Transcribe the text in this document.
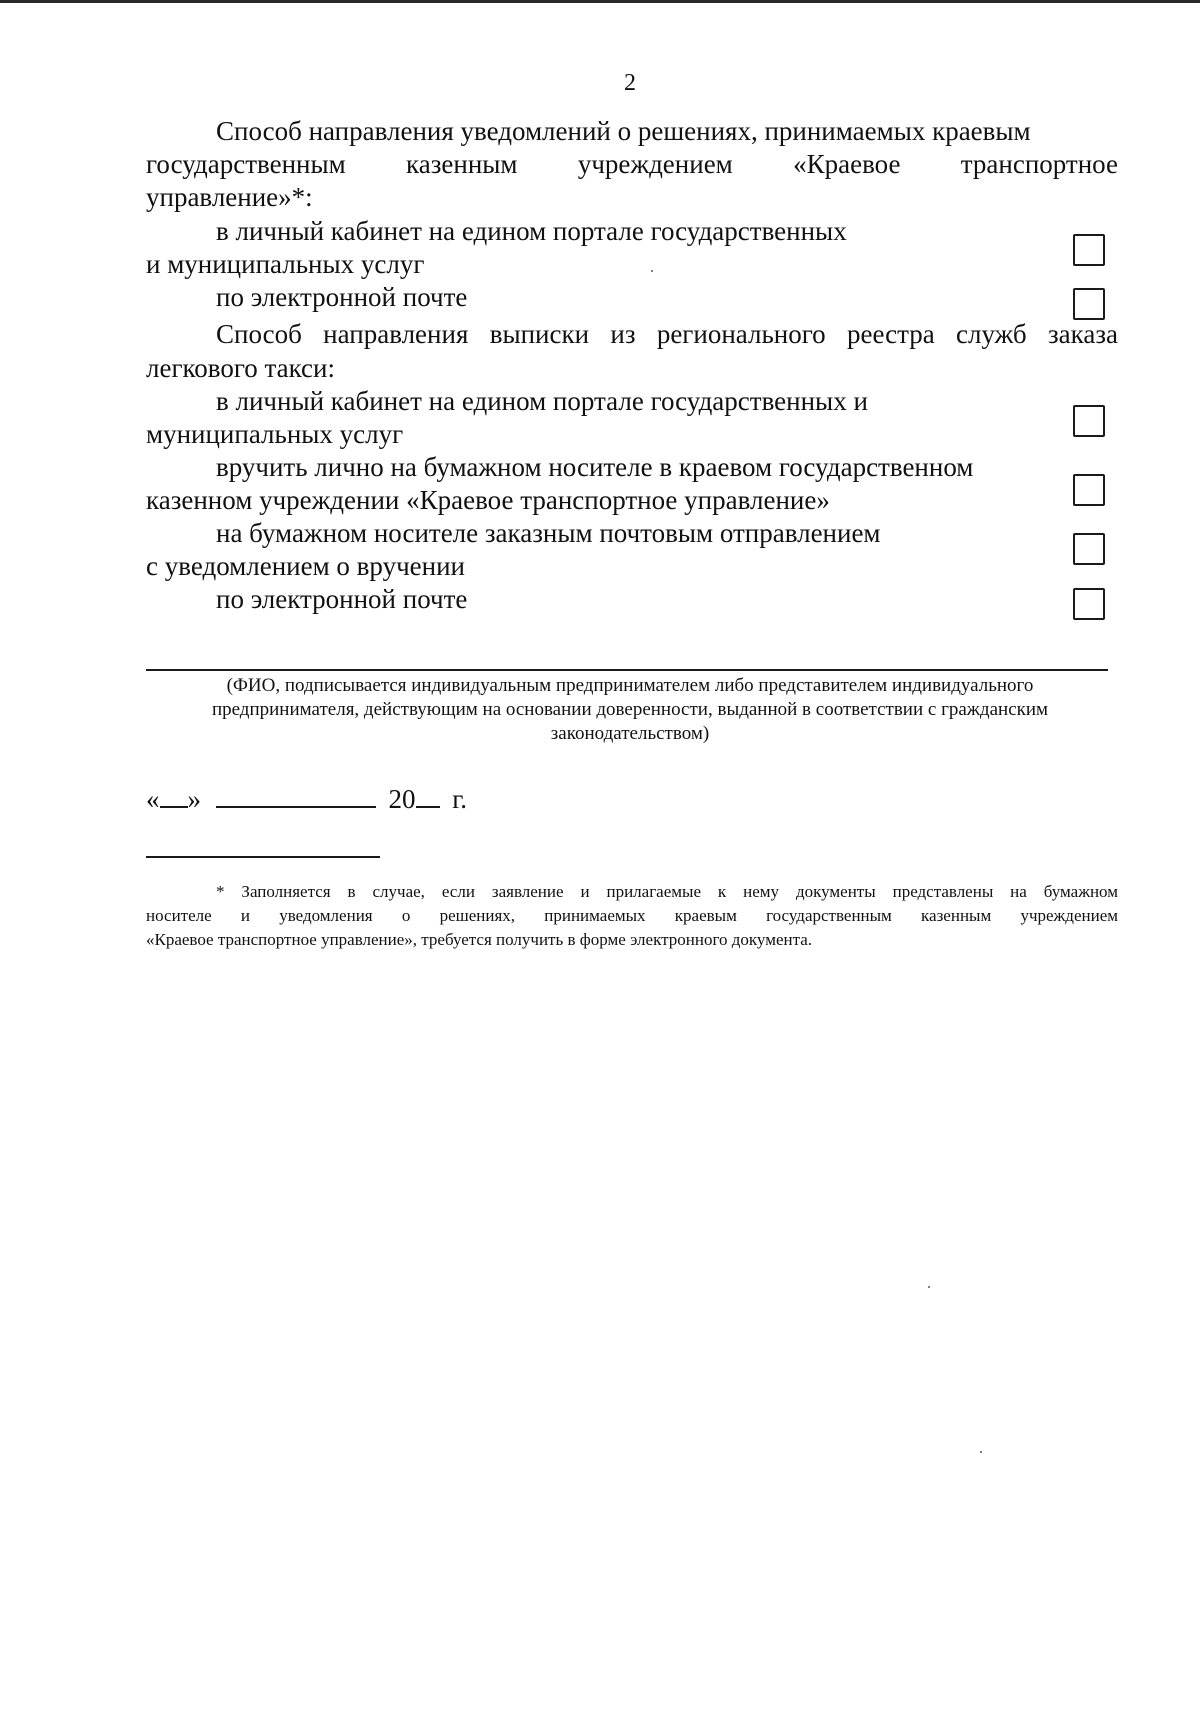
2
Способ направления уведомлений о решениях, принимаемых краевым
государственным казенным учреждением «Краевое транспортное
управление»*:
в личный кабинет на едином портале государственных
и муниципальных услуг
по электронной почте
Способ направления выписки из регионального реестра служб заказа
легкового такси:
в личный кабинет на едином портале государственных и
муниципальных услуг
вручить лично на бумажном носителе в краевом государственном
казенном учреждении «Краевое транспортное управление»
на бумажном носителе заказным почтовым отправлением
с уведомлением о вручении
по электронной почте
(ФИО, подписывается индивидуальным предпринимателем либо представителем индивидуального
предпринимателя, действующим на основании доверенности, выданной в соответствии с гражданским
законодательством)
« »	20 г.
* Заполняется в случае, если заявление и прилагаемые к нему документы представлены на бумажном
носителе и уведомления о решениях, принимаемых краевым государственным казенным учреждением
«Краевое транспортное управление», требуется получить в форме электронного документа.
